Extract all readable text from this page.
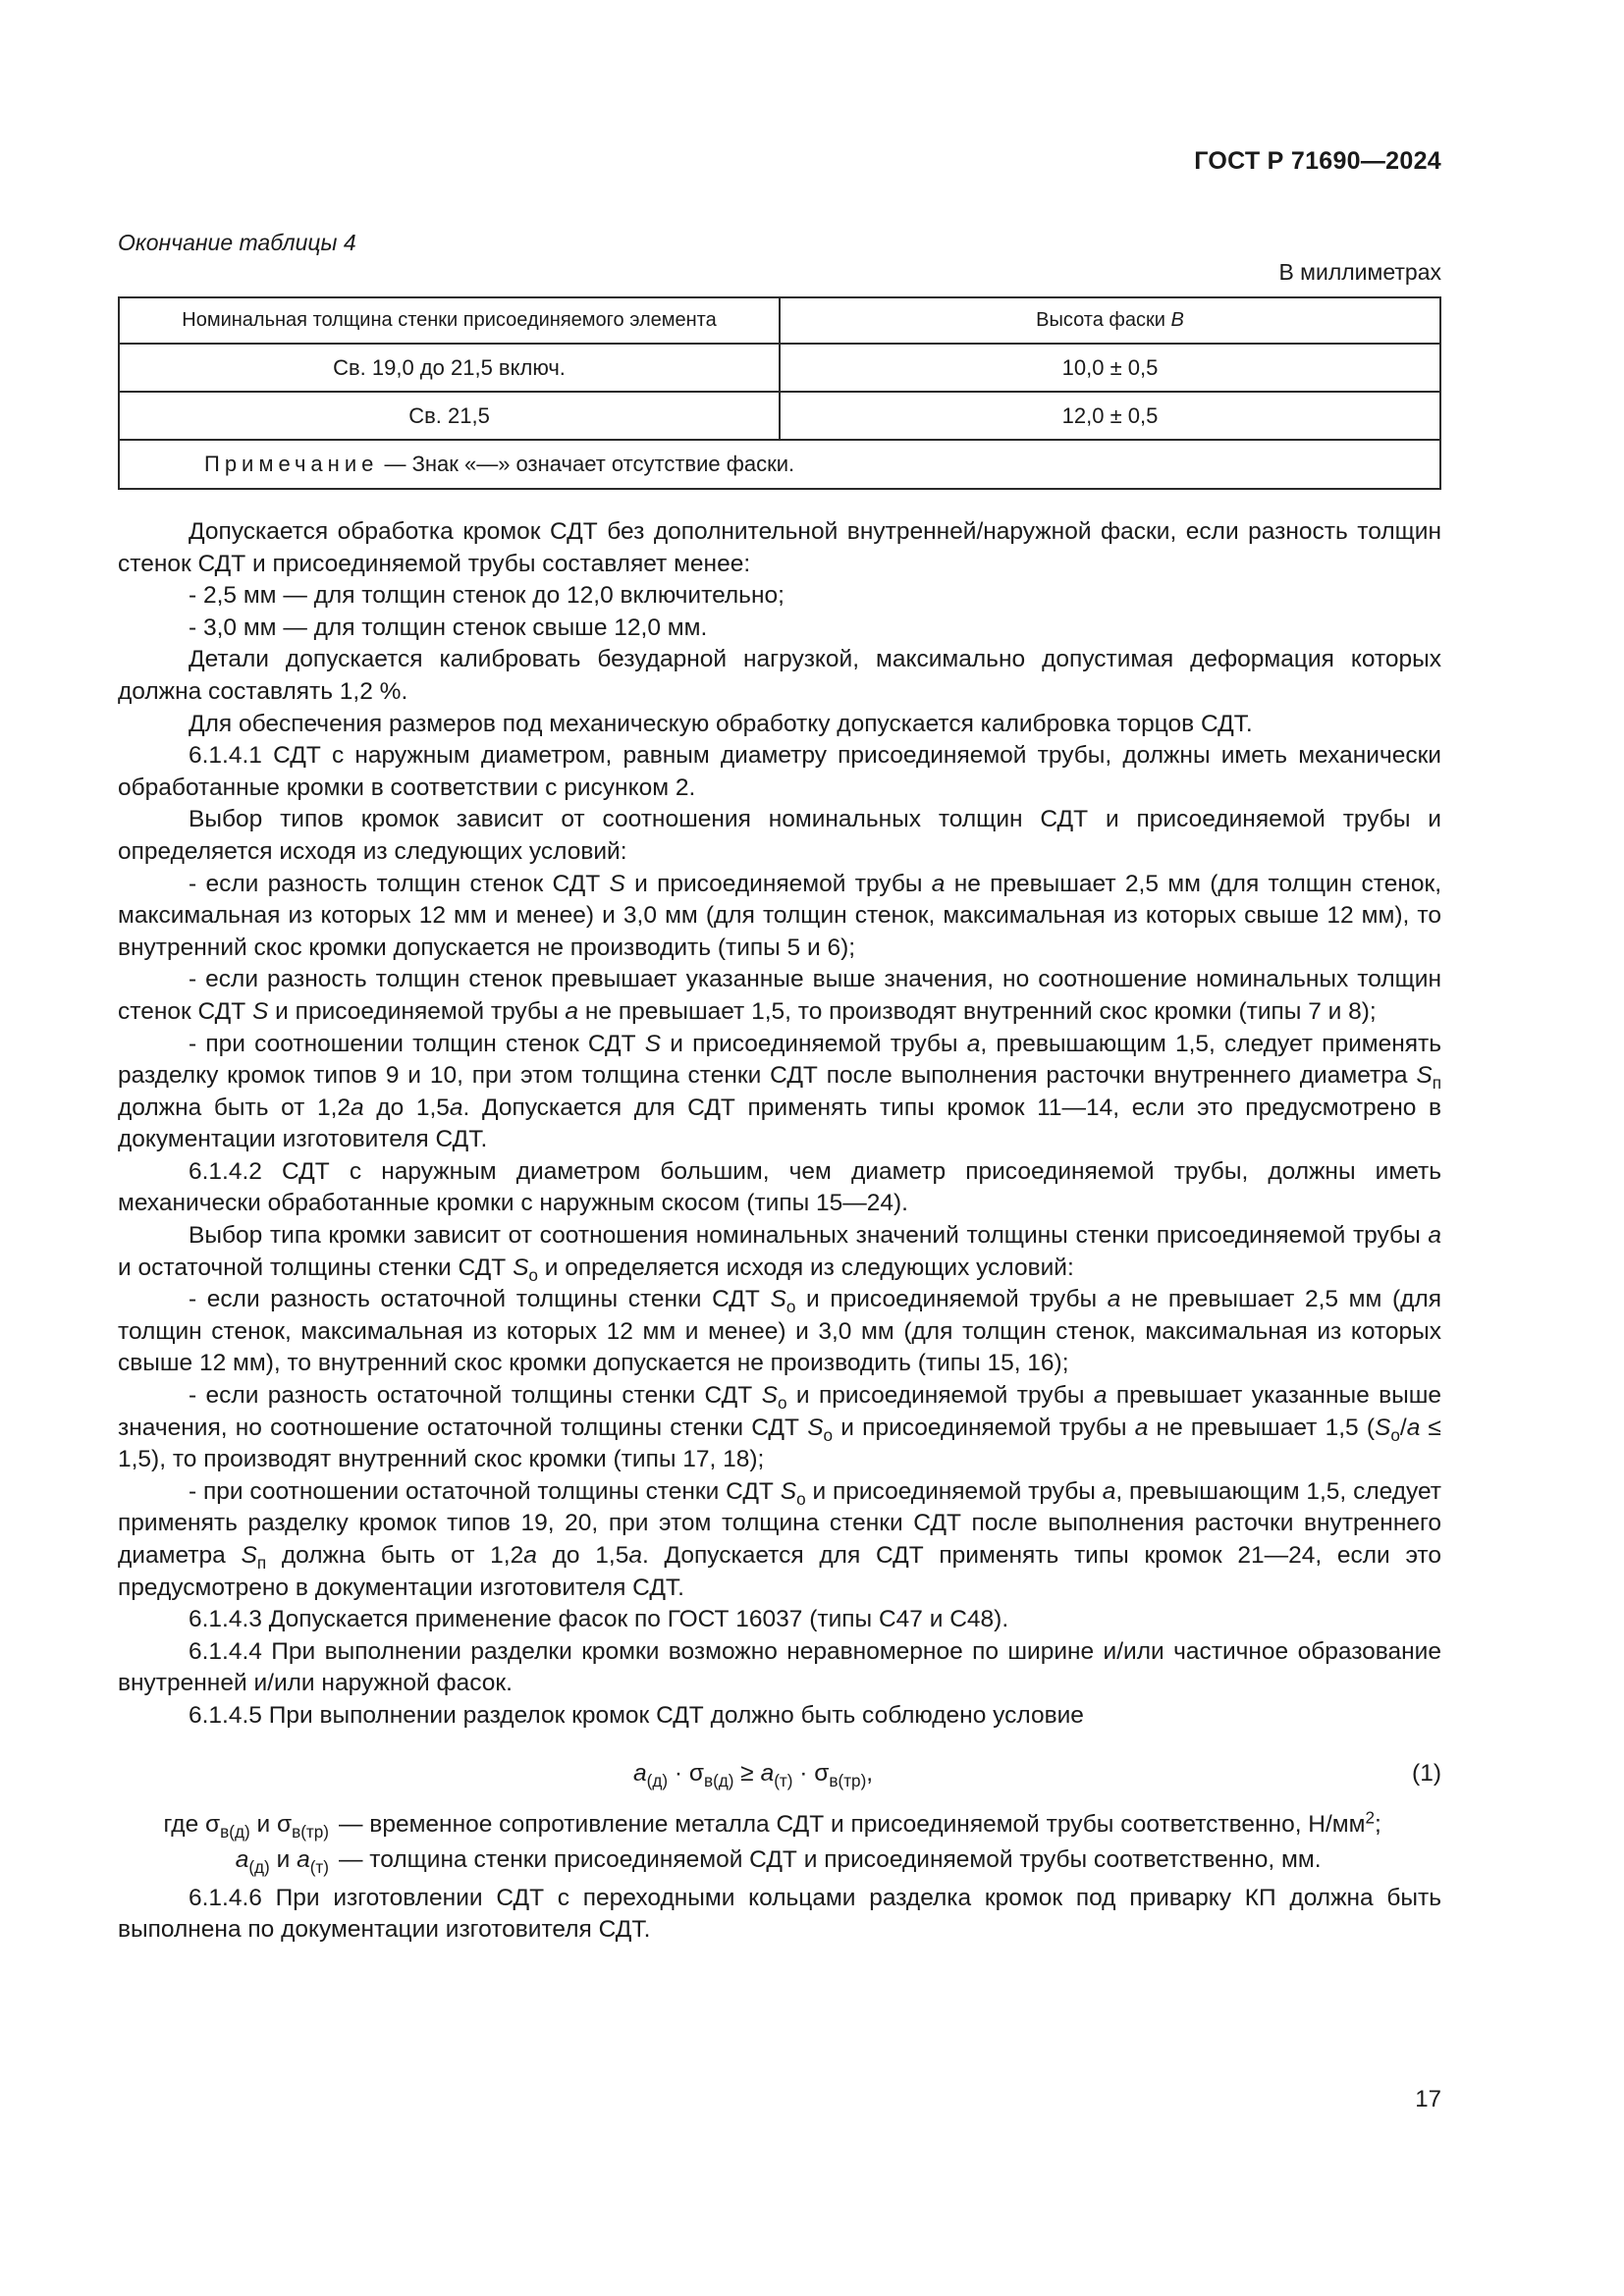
ГОСТ Р 71690—2024
Окончание таблицы 4
В миллиметрах
Номинальная толщина стенки присоединяемого элемента	Высота фаски B
Св. 19,0 до 21,5 включ.	10,0 ± 0,5
Св. 21,5	12,0 ± 0,5
Примечание — Знак «—» означает отсутствие фаски.	

Допускается обработка кромок СДТ без дополнительной внутренней/наружной фаски, если разность толщин стенок СДТ и присоединяемой трубы составляет менее:

- 2,5 мм — для толщин стенок до 12,0 включительно;

- 3,0 мм — для толщин стенок свыше 12,0 мм.

Детали допускается калибровать безударной нагрузкой, максимально допустимая деформация которых должна составлять 1,2 %.

Для обеспечения размеров под механическую обработку допускается калибровка торцов СДТ.

6.1.4.1 СДТ с наружным диаметром, равным диаметру присоединяемой трубы, должны иметь механически обработанные кромки в соответствии с рисунком 2.

Выбор типов кромок зависит от соотношения номинальных толщин СДТ и присоединяемой трубы и определяется исходя из следующих условий:

- если разность толщин стенок СДТ S и присоединяемой трубы а не превышает 2,5 мм (для толщин стенок, максимальная из которых 12 мм и менее) и 3,0 мм (для толщин стенок, максимальная из которых свыше 12 мм), то внутренний скос кромки допускается не производить (типы 5 и 6);

- если разность толщин стенок превышает указанные выше значения, но соотношение номинальных толщин стенок СДТ S и присоединяемой трубы а не превышает 1,5, то производят внутренний скос кромки (типы 7 и 8);

- при соотношении толщин стенок СДТ S и присоединяемой трубы а, превышающим 1,5, следует применять разделку кромок типов 9 и 10, при этом толщина стенки СДТ после выполнения расточки внутреннего диаметра $S_п$ должна быть от 1,2а до 1,5а. Допускается для СДТ применять типы кромок 11—14, если это предусмотрено в документации изготовителя СДТ.

6.1.4.2 СДТ с наружным диаметром большим, чем диаметр присоединяемой трубы, должны иметь механически обработанные кромки с наружным скосом (типы 15—24).

Выбор типа кромки зависит от соотношения номинальных значений толщины стенки присоединяемой трубы а и остаточной толщины стенки СДТ $S_о$ и определяется исходя из следующих условий:

- если разность остаточной толщины стенки СДТ $S_о$ и присоединяемой трубы а не превышает 2,5 мм (для толщин стенок, максимальная из которых 12 мм и менее) и 3,0 мм (для толщин стенок, максимальная из которых свыше 12 мм), то внутренний скос кромки допускается не производить (типы 15, 16);

- если разность остаточной толщины стенки СДТ $S_о$ и присоединяемой трубы а превышает указанные выше значения, но соотношение остаточной толщины стенки СДТ $S_о$ и присоединяемой трубы а не превышает 1,5 $(S_о/а \le 1,5)$, то производят внутренний скос кромки (типы 17, 18);

- при соотношении остаточной толщины стенки СДТ $S_о$ и присоединяемой трубы а, превышающим 1,5, следует применять разделку кромок типов 19, 20, при этом толщина стенки СДТ после выполнения расточки внутреннего диаметра $S_п$ должна быть от 1,2а до 1,5а. Допускается для СДТ применять типы кромок 21—24, если это предусмотрено в документации изготовителя СДТ.

6.1.4.3 Допускается применение фасок по ГОСТ 16037 (типы С47 и С48).

6.1.4.4 При выполнении разделки кромки возможно неравномерное по ширине и/или частичное образование внутренней и/или наружной фасок.

6.1.4.5 При выполнении разделок кромок СДТ должно быть соблюдено условие

$а_{(д)} \cdot \sigma_{в(д)} \ge а_{(т)} \cdot \sigma_{в(тр)}$,	(1)
где $\sigma_{в(д)}$ и $\sigma_{в(тр)}$ — временное сопротивление металла СДТ и присоединяемой трубы соответственно, $Н/мм^2$;
$а_{(д)}$ и $а_{(т)}$ — толщина стенки присоединяемой СДТ и присоединяемой трубы соответственно, мм.

6.1.4.6 При изготовлении СДТ с переходными кольцами разделка кромок под приварку КП должна быть выполнена по документации изготовителя СДТ.

17
